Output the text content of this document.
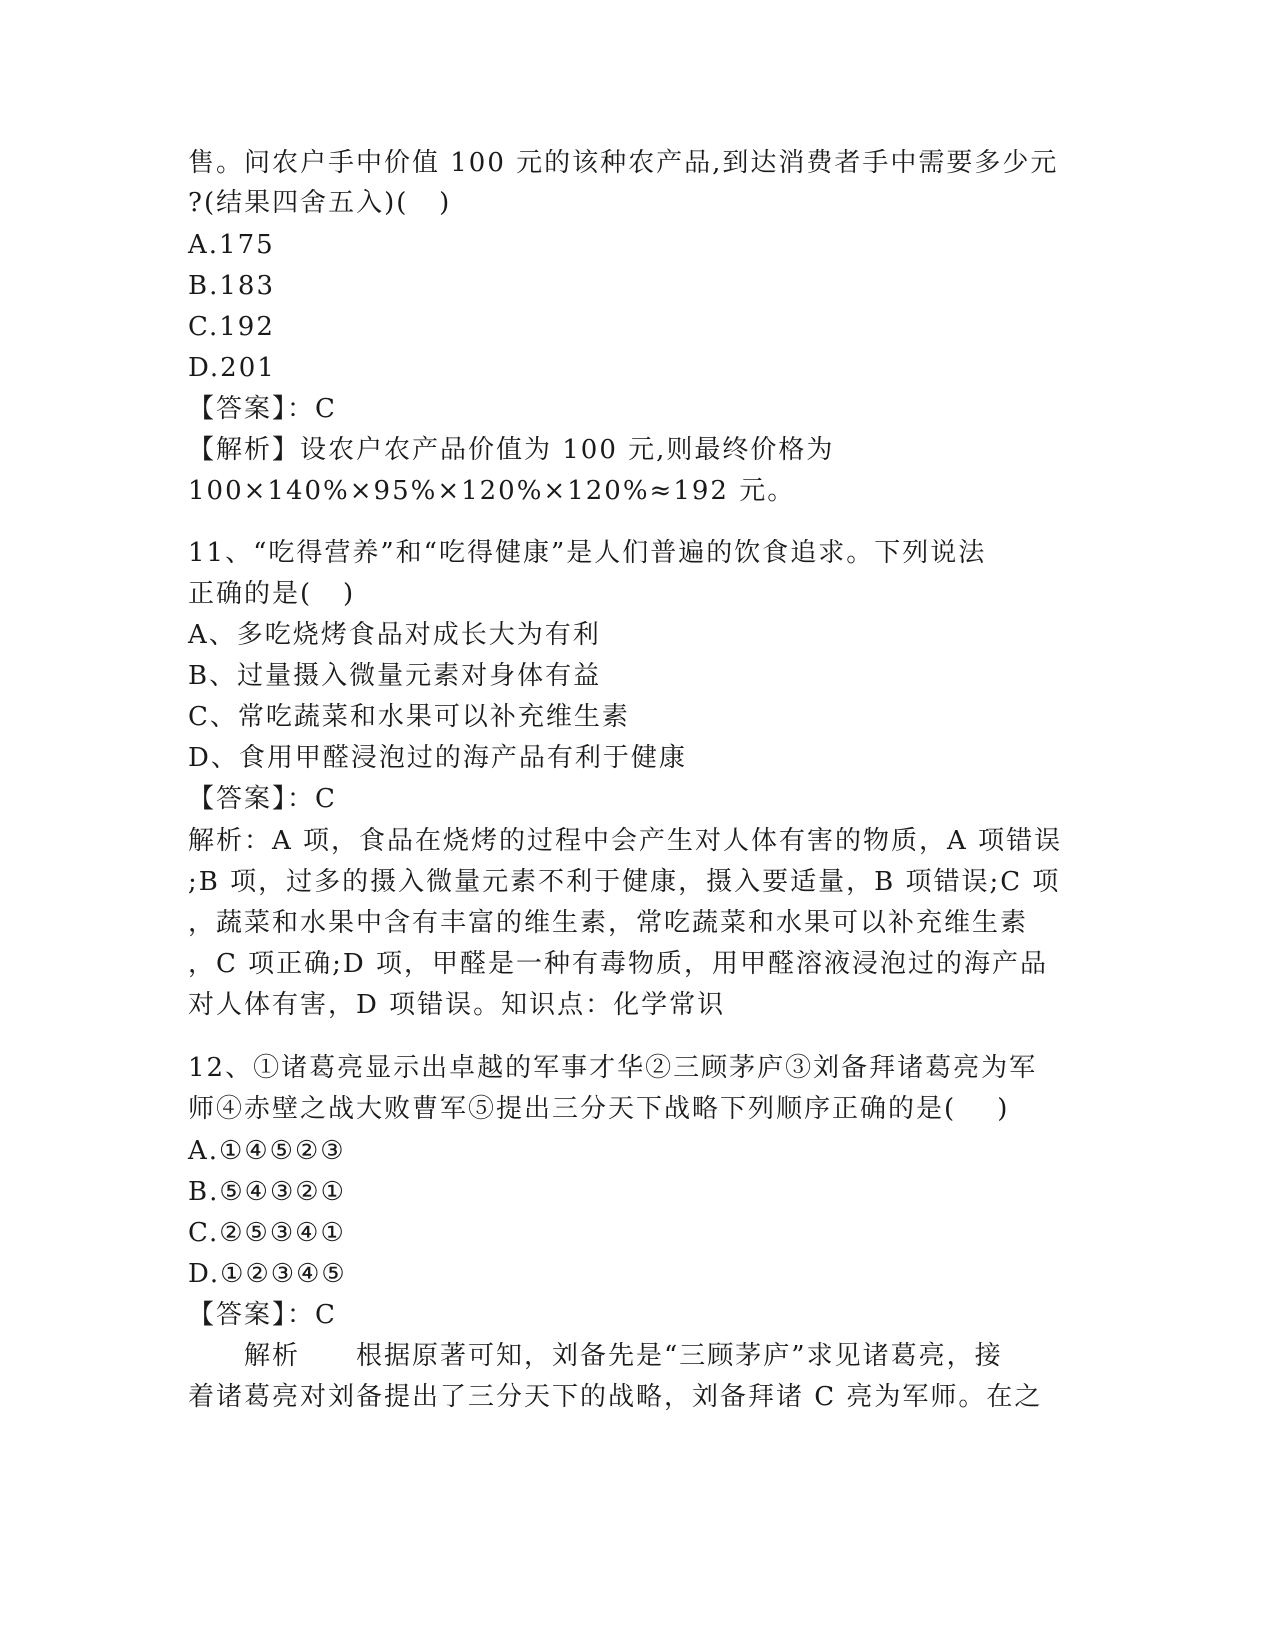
售。问农户手中价值 100 元的该种农产品,到达消费者手中需要多少元
?(结果四舍五入)(   )
A.175
B.183
C.192
D.201
【答案】：C
【解析】设农户农产品价值为 100 元,则最终价格为
100×140%×95%×120%×120%≈192 元。
11、“吃得营养”和“吃得健康”是人们普遍的饮食追求。下列说法
正确的是(   )
A、多吃烧烤食品对成长大为有利
B、过量摄入微量元素对身体有益
C、常吃蔬菜和水果可以补充维生素
D、食用甲醛浸泡过的海产品有利于健康
【答案】：C
解析：A 项，食品在烧烤的过程中会产生对人体有害的物质，A 项错误
;B 项，过多的摄入微量元素不利于健康，摄入要适量，B 项错误;C 项
，蔬菜和水果中含有丰富的维生素，常吃蔬菜和水果可以补充维生素
，C 项正确;D 项，甲醛是一种有毒物质，用甲醛溶液浸泡过的海产品
对人体有害，D 项错误。知识点：化学常识
12、①诸葛亮显示出卓越的军事才华②三顾茅庐③刘备拜诸葛亮为军
师④赤壁之战大败曹军⑤提出三分天下战略下列顺序正确的是(    )
A.①④⑤②③
B.⑤④③②①
C.②⑤③④①
D.①②③④⑤
【答案】：C
　　解析　　根据原著可知，刘备先是“三顾茅庐”求见诸葛亮，接
着诸葛亮对刘备提出了三分天下的战略，刘备拜诸 C 亮为军师。在之
